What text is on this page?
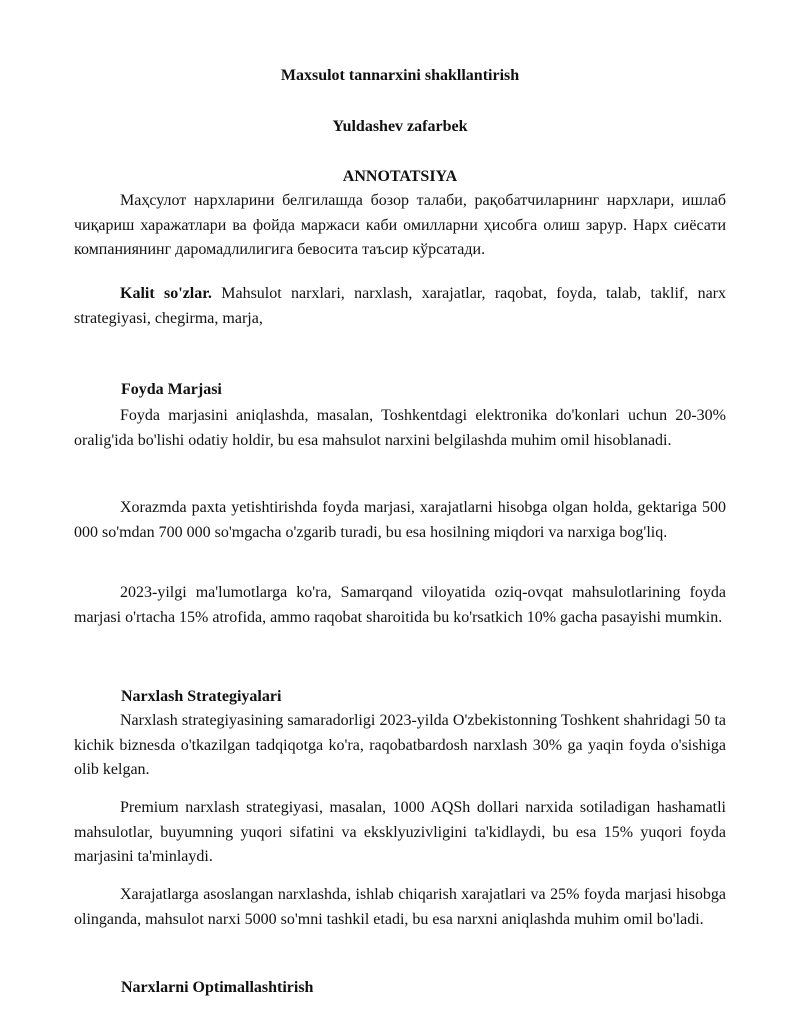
Maxsulot tannarxini shakllantirish
Yuldashev zafarbek
ANNOTATSIYA

Маҳсулот нархларини белгилашда бозор талаби, рақобатчиларнинг нархлари, ишлаб чиқариш харажатлари ва фойда маржаси каби омилларни ҳисобга олиш зарур. Нарх сиёсати компаниянинг даромадлилигига бевосита таъсир кўрсатади.

Kalit so'zlar. Mahsulot narxlari, narxlash, xarajatlar, raqobat, foyda, talab, taklif, narx strategiyasi, chegirma, marja,

Foyda Marjasi

Foyda marjasini aniqlashda, masalan, Toshkentdagi elektronika do'konlari uchun 20-30% oralig'ida bo'lishi odatiy holdir, bu esa mahsulot narxini belgilashda muhim omil hisoblanadi.

Xorazmda paxta yetishtirishda foyda marjasi, xarajatlarni hisobga olgan holda, gektariga 500 000 so'mdan 700 000 so'mgacha o'zgarib turadi, bu esa hosilning miqdori va narxiga bog'liq.

2023-yilgi ma'lumotlarga ko'ra, Samarqand viloyatida oziq-ovqat mahsulotlarining foyda marjasi o'rtacha 15% atrofida, ammo raqobat sharoitida bu ko'rsatkich 10% gacha pasayishi mumkin.

Narxlash Strategiyalari

Narxlash strategiyasining samaradorligi 2023-yilda O'zbekistonning Toshkent shahridagi 50 ta kichik biznesda o'tkazilgan tadqiqotga ko'ra, raqobatbardosh narxlash 30% ga yaqin foyda o'sishiga olib kelgan.

Premium narxlash strategiyasi, masalan, 1000 AQSh dollari narxida sotiladigan hashamatli mahsulotlar, buyumning yuqori sifatini va eksklyuzivligini ta'kidlaydi, bu esa 15% yuqori foyda marjasini ta'minlaydi.

Xarajatlarga asoslangan narxlashda, ishlab chiqarish xarajatlari va 25% foyda marjasi hisobga olinganda, mahsulot narxi 5000 so'mni tashkil etadi, bu esa narxni aniqlashda muhim omil bo'ladi.

Narxlarni Optimallashtirish
